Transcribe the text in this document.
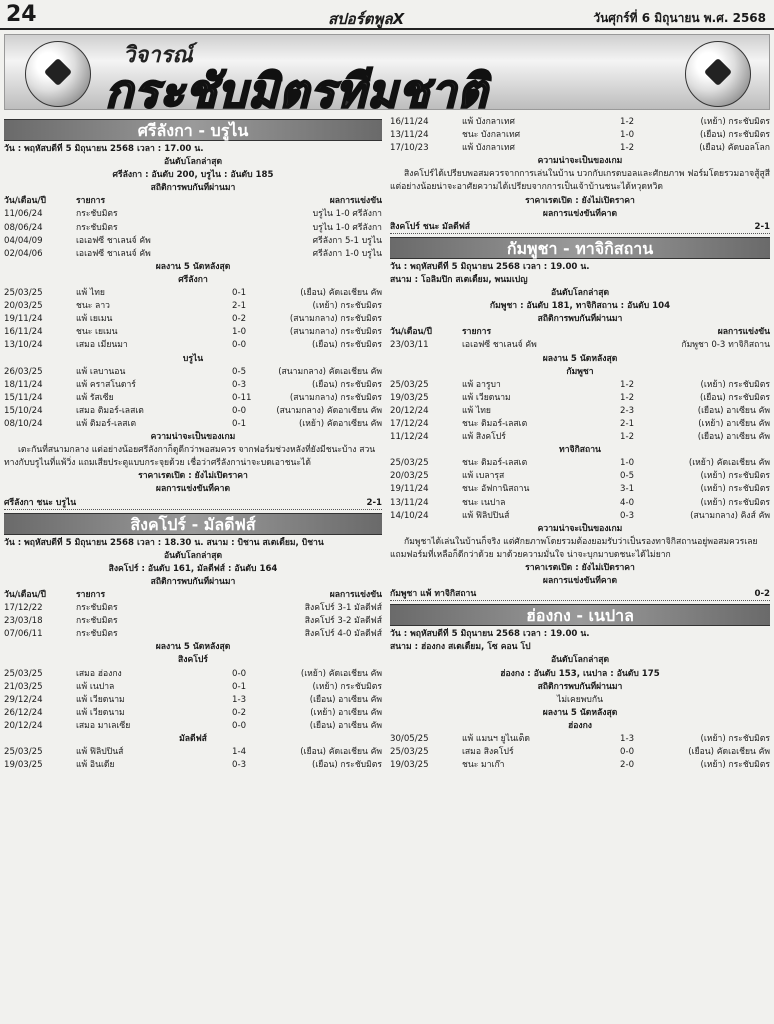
24	สปอร์ตพูลX	วันศุกร์ที่ 6 มิถุนายน พ.ศ. 2568
วิจารณ์
กระชับมิตรทีมชาติ
ศรีลังกา - บรูไน
วัน : พฤหัสบดีที่ 5 มิถุนายน 2568 เวลา : 17.00 น.
อันดับโลกล่าสุด
ศรีลังกา : อันดับ 200, บรูไน : อันดับ 185
สถิติการพบกันที่ผ่านมา
วัน/เดือน/ปี	รายการ	ผลการแข่งขัน
11/06/24	กระชับมิตร	บรูไน 1-0 ศรีลังกา
08/06/24	กระชับมิตร	บรูไน 1-0 ศรีลังกา
04/04/09	เอเอฟซี ชาเลนจ์ คัพ	ศรีลังกา 5-1 บรูไน
02/04/06	เอเอฟซี ชาเลนจ์ คัพ	ศรีลังกา 1-0 บรูไน
ผลงาน 5 นัดหลังสุด
ศรีลังกา
25/03/25	แพ้ ไทย	0-1	(เยือน) คัดเอเชียน คัพ
20/03/25	ชนะ ลาว	2-1	(เหย้า) กระชับมิตร
19/11/24	แพ้ เยเมน	0-2	(สนามกลาง) กระชับมิตร
16/11/24	ชนะ เยเมน	1-0	(สนามกลาง) กระชับมิตร
13/10/24	เสมอ เมียนมา	0-0	(เยือน) กระชับมิตร
บรูไน
26/03/25	แพ้ เลบานอน	0-5	(สนามกลาง) คัดเอเชียน คัพ
18/11/24	แพ้ คราสโนดาร์	0-3	(เยือน) กระชับมิตร
15/11/24	แพ้ รัสเซีย	0-11	(สนามกลาง) กระชับมิตร
15/10/24	เสมอ ติมอร์-เลสเต	0-0	(สนามกลาง) คัดอาเซียน คัพ
08/10/24	แพ้ ติมอร์-เลสเต	0-1	(เหย้า) คัดอาเซียน คัพ
ความน่าจะเป็นของเกม
เตะกันที่สนามกลาง แต่อย่างน้อยศรีลังกาก็ดูดีกว่าพอสมควร จากฟอร์มช่วงหลังที่ยังมีชนะบ้าง สวนทางกับบรูไนที่แพ้วิ่ง แถมเสียประตูแบบกระจุยด้วย เชื่อว่าศรีลังกาน่าจะบดเอาชนะได้
ราคาเรตเปิด : ยังไม่เปิดราคา
ผลการแข่งขันที่คาด
ศรีลังกา ชนะ บรูไน	2-1
สิงคโปร์ - มัลดีฟส์
วัน : พฤหัสบดีที่ 5 มิถุนายน 2568 เวลา : 18.30 น. สนาม : บิชาน สเตเดี้ยม, บิชาน
อันดับโลกล่าสุด
สิงคโปร์ : อันดับ 161, มัลดีฟส์ : อันดับ 164
สถิติการพบกันที่ผ่านมา
วัน/เดือน/ปี	รายการ	ผลการแข่งขัน
17/12/22	กระชับมิตร	สิงคโปร์ 3-1 มัลดีฟส์
23/03/18	กระชับมิตร	สิงคโปร์ 3-2 มัลดีฟส์
07/06/11	กระชับมิตร	สิงคโปร์ 4-0 มัลดีฟส์
ผลงาน 5 นัดหลังสุด
สิงคโปร์
25/03/25	เสมอ ฮ่องกง	0-0	(เหย้า) คัดเอเชียน คัพ
21/03/25	แพ้ เนปาล	0-1	(เหย้า) กระชับมิตร
29/12/24	แพ้ เวียดนาม	1-3	(เยือน) อาเซียน คัพ
26/12/24	แพ้ เวียดนาม	0-2	(เหย้า) อาเซียน คัพ
20/12/24	เสมอ มาเลเซีย	0-0	(เยือน) อาเซียน คัพ
มัลดีฟส์
25/03/25	แพ้ ฟิลิปปินส์	1-4	(เยือน) คัดเอเชียน คัพ
19/03/25	แพ้ อินเดีย	0-3	(เยือน) กระชับมิตร
16/11/24	แพ้ บังกลาเทศ	1-2	(เหย้า) กระชับมิตร
13/11/24	ชนะ บังกลาเทศ	1-0	(เยือน) กระชับมิตร
17/10/23	แพ้ บังกลาเทศ	1-2	(เยือน) คัดบอลโลก
ความน่าจะเป็นของเกม
สิงคโปร์ได้เปรียบพอสมควรจากการเล่นในบ้าน บวกกับเกรดบอลและศักยภาพ ฟอร์มโดยรวมอาจสู้สูสี แต่อย่างน้อยน่าจะอาศัยความได้เปรียบจากการเป็นเจ้าบ้านชนะได้หวุดหวิด
ราคาเรตเปิด : ยังไม่เปิดราคา
ผลการแข่งขันที่คาด
สิงคโปร์ ชนะ มัลดีฟส์	2-1
กัมพูชา - ทาจิกิสถาน
วัน : พฤหัสบดีที่ 5 มิถุนายน 2568 เวลา : 19.00 น.
สนาม : โอลิมปิก สเตเดี้ยม, พนมเปญ
อันดับโลกล่าสุด
กัมพูชา : อันดับ 181, ทาจิกิสถาน : อันดับ 104
สถิติการพบกันที่ผ่านมา
วัน/เดือน/ปี	รายการ	ผลการแข่งขัน
23/03/11	เอเอฟซี ชาเลนจ์ คัพ	กัมพูชา 0-3 ทาจิกิสถาน
ผลงาน 5 นัดหลังสุด
กัมพูชา
25/03/25	แพ้ อารูบา	1-2	(เหย้า) กระชับมิตร
19/03/25	แพ้ เวียดนาม	1-2	(เยือน) กระชับมิตร
20/12/24	แพ้ ไทย	2-3	(เยือน) อาเซียน คัพ
17/12/24	ชนะ ติมอร์-เลสเต	2-1	(เหย้า) อาเซียน คัพ
11/12/24	แพ้ สิงคโปร์	1-2	(เยือน) อาเซียน คัพ
ทาจิกิสถาน
25/03/25	ชนะ ติมอร์-เลสเต	1-0	(เหย้า) คัดเอเชียน คัพ
20/03/25	แพ้ เบลารุส	0-5	(เหย้า) กระชับมิตร
19/11/24	ชนะ อัฟกานิสถาน	3-1	(เหย้า) กระชับมิตร
13/11/24	ชนะ เนปาล	4-0	(เหย้า) กระชับมิตร
14/10/24	แพ้ ฟิลิปปินส์	0-3	(สนามกลาง) คิงส์ คัพ
ความน่าจะเป็นของเกม
กัมพูชาได้เล่นในบ้านก็จริง แต่ศักยภาพโดยรวมต้องยอมรับว่าเป็นรองทาจิกิสถานอยู่พอสมควรเลย แถมฟอร์มที่เหลือก็ดีกว่าด้วย มาด้วยความมั่นใจ น่าจะบุกมาบดชนะได้ไม่ยาก
ราคาเรตเปิด : ยังไม่เปิดราคา
ผลการแข่งขันที่คาด
กัมพูชา แพ้ ทาจิกิสถาน	0-2
ฮ่องกง - เนปาล
วัน : พฤหัสบดีที่ 5 มิถุนายน 2568 เวลา : 19.00 น.
สนาม : ฮ่องกง สเตเดี้ยม, โซ คอน โป
อันดับโลกล่าสุด
ฮ่องกง : อันดับ 153, เนปาล : อันดับ 175
สถิติการพบกันที่ผ่านมา
ไม่เคยพบกัน
ผลงาน 5 นัดหลังสุด
ฮ่องกง
30/05/25	แพ้ แมนฯ ยูไนเต็ด	1-3	(เหย้า) กระชับมิตร
25/03/25	เสมอ สิงคโปร์	0-0	(เยือน) คัดเอเชียน คัพ
19/03/25	ชนะ มาเก๊า	2-0	(เหย้า) กระชับมิตร
